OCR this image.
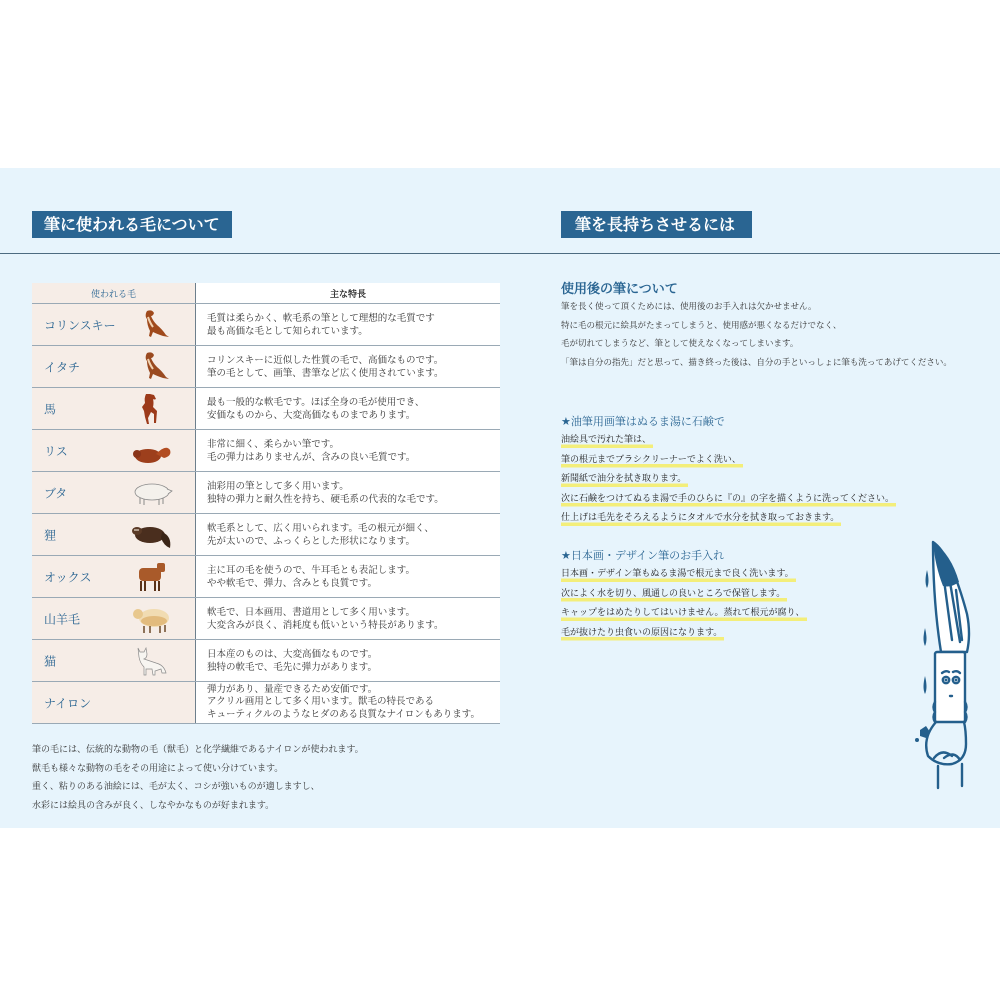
筆に使われる毛について	筆を長持ちさせるには
使われる毛	主な特長

コリンスキー	毛質は柔らかく、軟毛系の筆として理想的な毛質です
最も高価な毛として知られています。

イタチ	コリンスキーに近似した性質の毛で、高価なものです。
筆の毛として、画筆、書筆など広く使用されています。

馬	最も一般的な軟毛です。ほぼ全身の毛が使用でき、
安価なものから、大変高価なものまであります。

リス	非常に細く、柔らかい筆です。
毛の弾力はありませんが、含みの良い毛質です。

ブタ	油彩用の筆として多く用います。
独特の弾力と耐久性を持ち、硬毛系の代表的な毛です。

狸	軟毛系として、広く用いられます。毛の根元が細く、
先が太いので、ふっくらとした形状になります。

オックス	主に耳の毛を使うので、牛耳毛とも表記します。
やや軟毛で、弾力、含みとも良質です。

山羊毛	軟毛で、日本画用、書道用として多く用います。
大変含みが良く、消耗度も低いという特長があります。

猫	日本産のものは、大変高価なものです。
独特の軟毛で、毛先に弾力があります。

ナイロン	弾力があり、量産できるため安価です。
アクリル画用として多く用います。獣毛の特長である
キューティクルのようなヒダのある良質なナイロンもあります。
筆の毛には、伝統的な動物の毛（獣毛）と化学繊維であるナイロンが使われます。
獣毛も様々な動物の毛をその用途によって使い分けています。
重く、粘りのある油絵には、毛が太く、コシが強いものが適しますし、
水彩には絵具の含みが良く、しなやかなものが好まれます。
使用後の筆について
筆を長く使って頂くためには、使用後のお手入れは欠かせません。
特に毛の根元に絵具がたまってしまうと、使用感が悪くなるだけでなく、
毛が切れてしまうなど、筆として使えなくなってしまいます。
「筆は自分の指先」だと思って、描き終った後は、自分の手といっしょに筆も洗ってあげてください。
★油筆用画筆はぬるま湯に石鹸で
油絵具で汚れた筆は、
筆の根元までブラシクリーナーでよく洗い、
新聞紙で油分を拭き取ります。
次に石鹸をつけてぬるま湯で手のひらに『の』の字を描くように洗ってください。
仕上げは毛先をそろえるようにタオルで水分を拭き取っておきます。
★日本画・デザイン筆のお手入れ
日本画・デザイン筆もぬるま湯で根元まで良く洗います。
次によく水を切り、風通しの良いところで保管します。
キャップをはめたりしてはいけません。蒸れて根元が腐り、
毛が抜けたり虫食いの原因になります。
